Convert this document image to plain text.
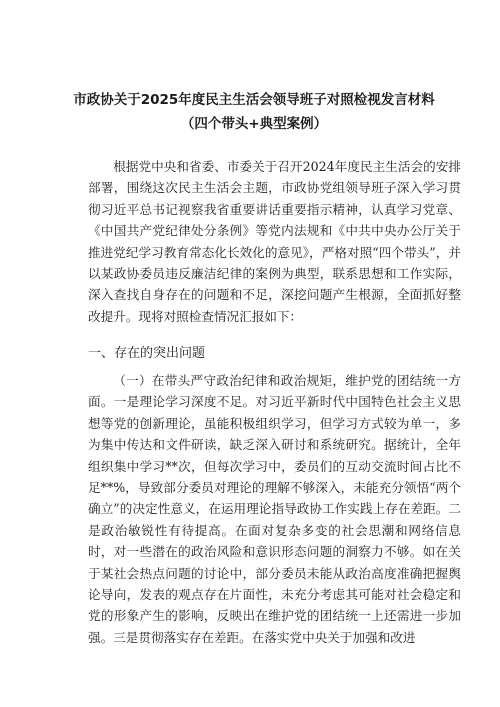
市政协关于2025年度民主生活会领导班子对照检视发言材料（四个带头+典型案例）

根据党中央和省委、市委关于召开2024年度民主生活会的安排部署，围绕这次民主生活会主题，市政协党组领导班子深入学习贯彻习近平总书记视察我省重要讲话重要指示精神，认真学习党章、《中国共产党纪律处分条例》等党内法规和《中共中央办公厅关于推进党纪学习教育常态化长效化的意见》，严格对照“四个带头”，并以某政协委员违反廉洁纪律的案例为典型，联系思想和工作实际，深入查找自身存在的问题和不足，深挖问题产生根源，全面抓好整改提升。现将对照检查情况汇报如下：

一、存在的突出问题

（一）在带头严守政治纪律和政治规矩，维护党的团结统一方面。一是理论学习深度不足。对习近平新时代中国特色社会主义思想等党的创新理论，虽能积极组织学习，但学习方式较为单一，多为集中传达和文件研读，缺乏深入研讨和系统研究。据统计，全年组织集中学习**次，但每次学习中，委员们的互动交流时间占比不足**%，导致部分委员对理论的理解不够深入，未能充分领悟“两个确立”的决定性意义，在运用理论指导政协工作实践上存在差距。二是政治敏锐性有待提高。在面对复杂多变的社会思潮和网络信息时，对一些潜在的政治风险和意识形态问题的洞察力不够。如在关于某社会热点问题的讨论中，部分委员未能从政治高度准确把握舆论导向，发表的观点存在片面性，未充分考虑其可能对社会稳定和党的形象产生的影响，反映出在维护党的团结统一上还需进一步加强。三是贯彻落实存在差距。在落实党中央关于加强和改进
